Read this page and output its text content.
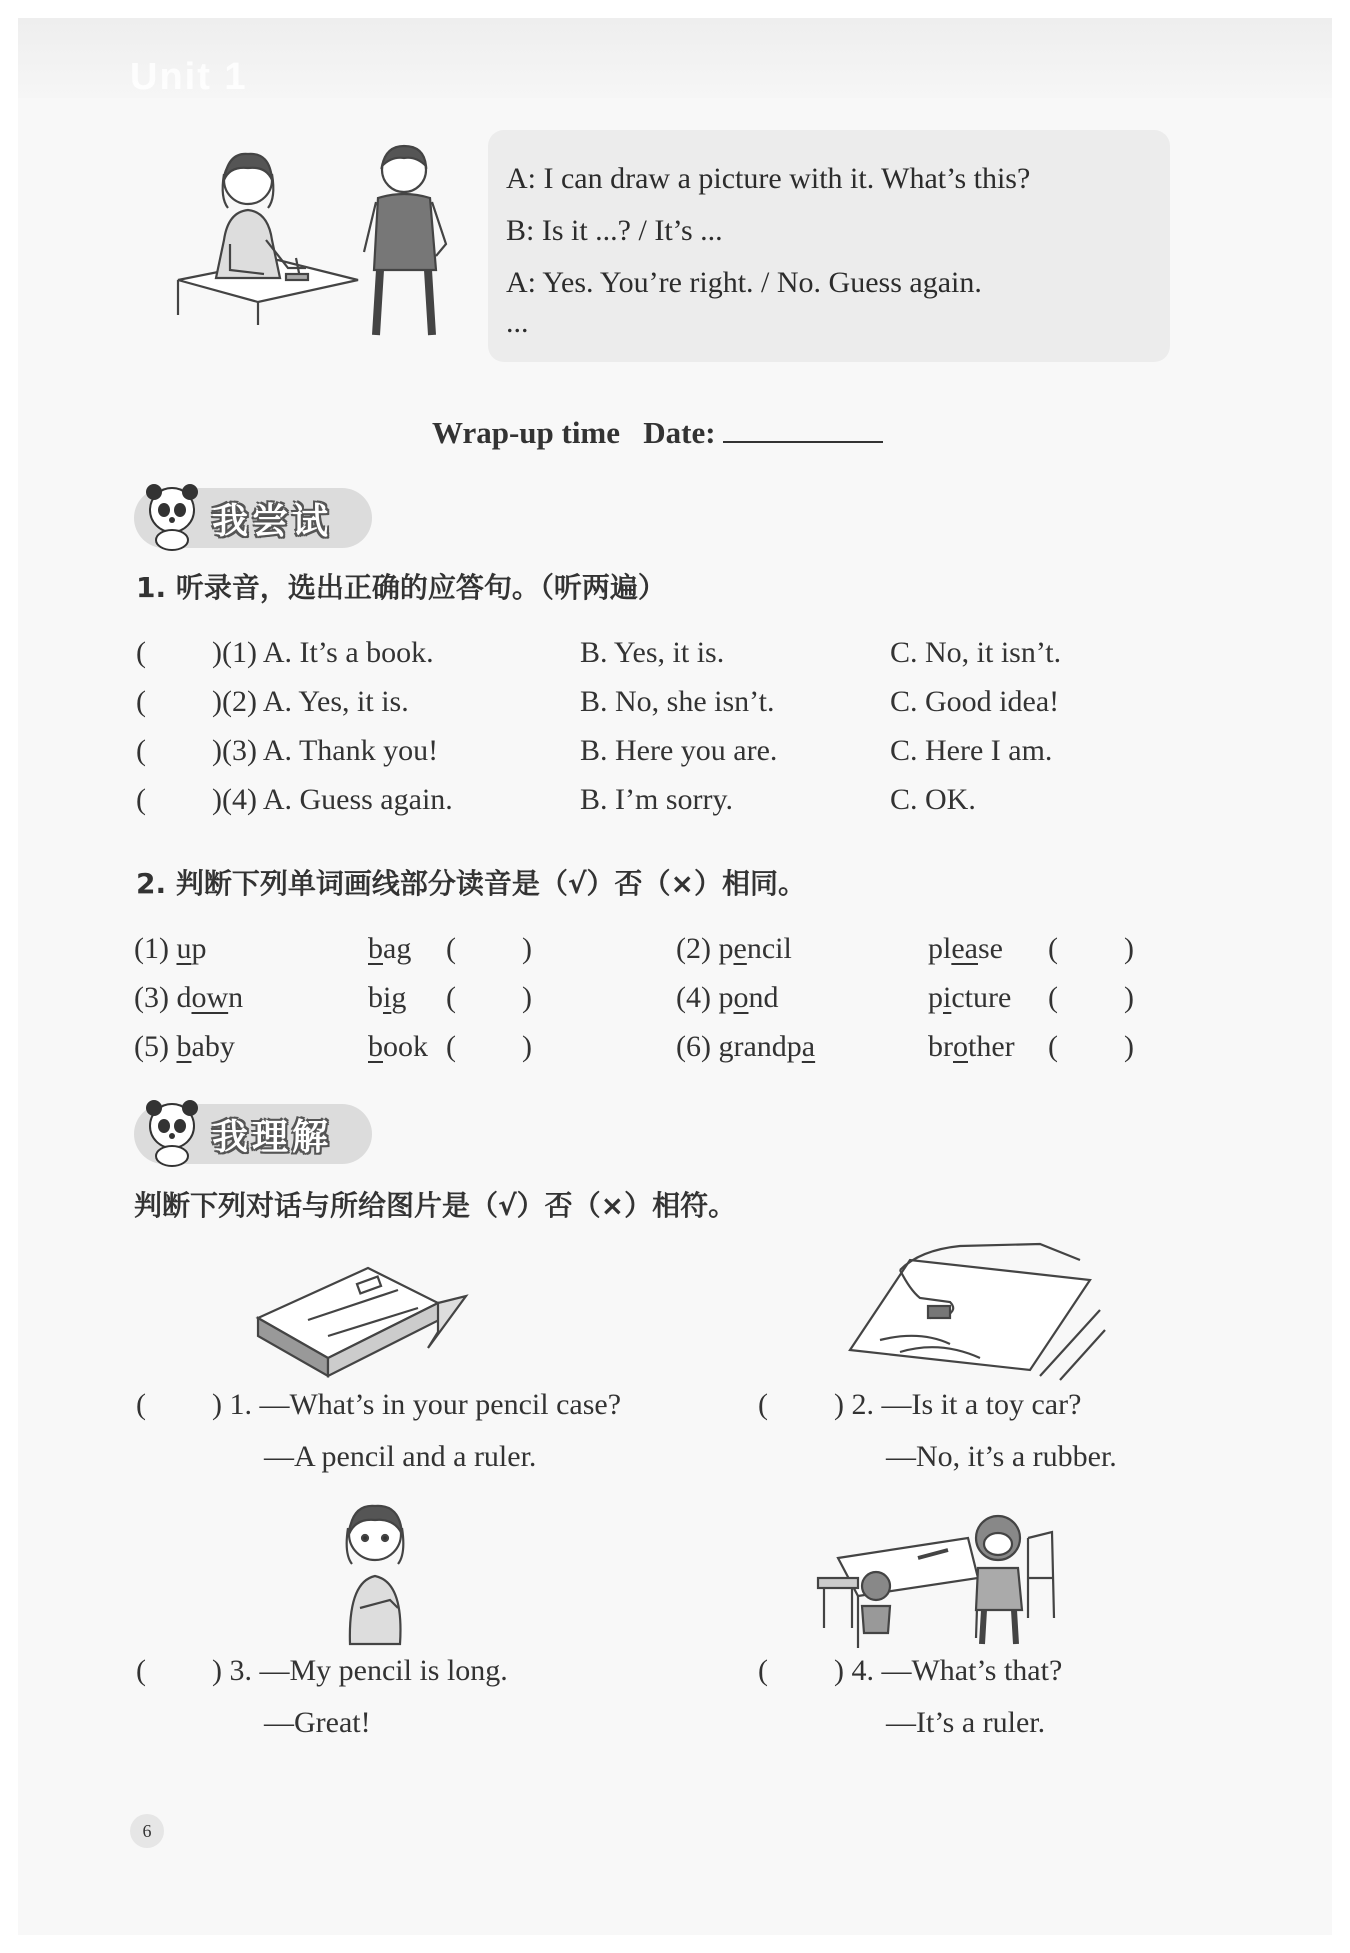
Unit 1
A: I can draw a picture with it. What’s this?
B: Is it ...? / It’s ...
A: Yes. You’re right. / No. Guess again.
...
Wrap-up time Date:
我尝试
1. 听录音，选出正确的应答句。（听两遍）
( )(1) A. It’s a book.	B. Yes, it is.	C. No, it isn’t.
( )(2) A. Yes, it is.	B. No, she isn’t.	C. Good idea!
( )(3) A. Thank you!	B. Here you are.	C. Here I am.
( )(4) A. Guess again.	B. I’m sorry.	C. OK.
2. 判断下列单词画线部分读音是（√）否（×）相同。
(1) up	bag ( )	(2) pencil	please ( )
(3) down	big ( )	(4) pond	picture ( )
(5) baby	book ( )	(6) grandpa	brother ( )
我理解
判断下列对话与所给图片是（√）否（×）相符。
( ) 1. —What’s in your pencil case?
—A pencil and a ruler.
( ) 2. —Is it a toy car?
—No, it’s a rubber.
( ) 3. —My pencil is long.
—Great!
( ) 4. —What’s that?
—It’s a ruler.
6
